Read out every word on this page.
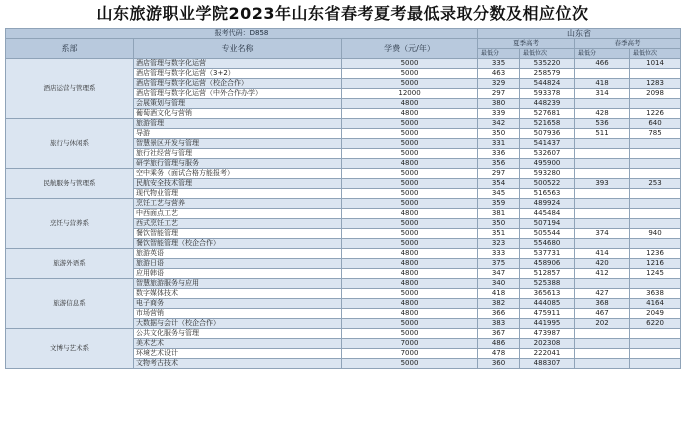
山东旅游职业学院2023年山东省春考夏考最低录取分数及相应位次
报考代码：D858			山东省			
系部	专业名称	学费（元/年）	夏季高考		春季高考	
			最低分	最低位次	最低分	最低位次

酒店运营与管理系	酒店管理与数字化运营	5000	335	535220	466	1014
	酒店管理与数字化运营（3+2）	5000	463	258579		
	酒店管理与数字化运营（校企合作）	5000	329	544824	418	1283
	酒店管理与数字化运营（中外合作办学）	12000	297	593378	314	2098
	会展策划与管理	4800	380	448239		
	葡萄酒文化与营销	4800	339	527681	428	1226
旅行与休闲系	旅游管理	5000	342	521658	536	640
	导游	5000	350	507936	511	785
	智慧景区开发与管理	5000	331	541437		
	旅行社经营与管理	5000	336	532607		
	研学旅行管理与服务	4800	356	495900		
民航服务与管理系	空中乘务（面试合格方能报考）	5000	297	593280		
	民航安全技术管理	5000	354	500522	393	253
	现代物业管理	5000	345	516563		
烹饪与营养系	烹饪工艺与营养	5000	359	489924		
	中西面点工艺	4800	381	445484		
	西式烹饪工艺	5000	350	507194		
	餐饮智能管理	5000	351	505544	374	940
	餐饮智能管理（校企合作）	5000	323	554680		
旅游外语系	旅游英语	4800	333	537731	414	1236
	旅游日语	4800	375	458906	420	1216
	应用韩语	4800	347	512857	412	1245
旅游信息系	智慧旅游服务与应用	4800	340	525388		
	数字媒体技术	5000	418	365613	427	3638
	电子商务	4800	382	444085	368	4164
	市场营销	4800	366	475911	467	2049
	大数据与会计（校企合作）	5000	383	441995	202	6220
文博与艺术系	公共文化服务与管理	5000	367	473987		
	美术艺术	7000	486	202308		
	环境艺术设计	7000	478	222041		
	文物考古技术	5000	360	488307		
